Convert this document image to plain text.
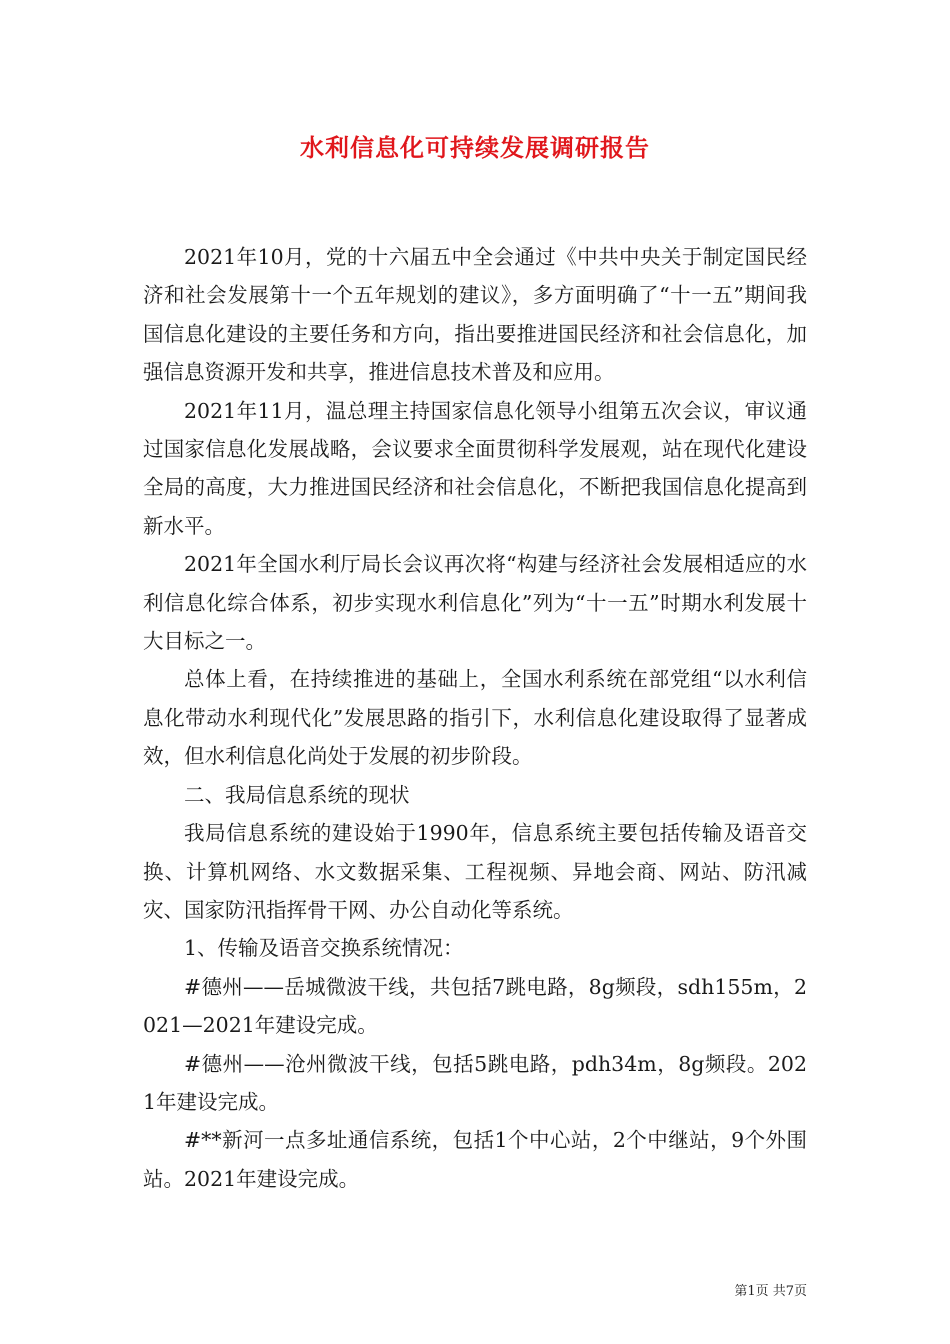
水利信息化可持续发展调研报告

2021年10月，党的十六届五中全会通过《中共中央关于制定国民经济和社会发展第十一个五年规划的建议》，多方面明确了“十一五”期间我国信息化建设的主要任务和方向，指出要推进国民经济和社会信息化，加强信息资源开发和共享，推进信息技术普及和应用。

2021年11月，温总理主持国家信息化领导小组第五次会议，审议通过国家信息化发展战略，会议要求全面贯彻科学发展观，站在现代化建设全局的高度，大力推进国民经济和社会信息化，不断把我国信息化提高到新水平。

2021年全国水利厅局长会议再次将“构建与经济社会发展相适应的水利信息化综合体系，初步实现水利信息化”列为“十一五”时期水利发展十大目标之一。

总体上看，在持续推进的基础上，全国水利系统在部党组“以水利信息化带动水利现代化”发展思路的指引下，水利信息化建设取得了显著成效，但水利信息化尚处于发展的初步阶段。

二、我局信息系统的现状

我局信息系统的建设始于1990年，信息系统主要包括传输及语音交换、计算机网络、水文数据采集、工程视频、异地会商、网站、防汛减灾、国家防汛指挥骨干网、办公自动化等系统。

1、传输及语音交换系统情况：

#德州——岳城微波干线，共包括7跳电路，8g频段，sdh155m，2021—2021年建设完成。

#德州——沧州微波干线，包括5跳电路，pdh34m，8g频段。2021年建设完成。

#**新河一点多址通信系统，包括1个中心站，2个中继站，9个外围站。2021年建设完成。

第1页 共7页
